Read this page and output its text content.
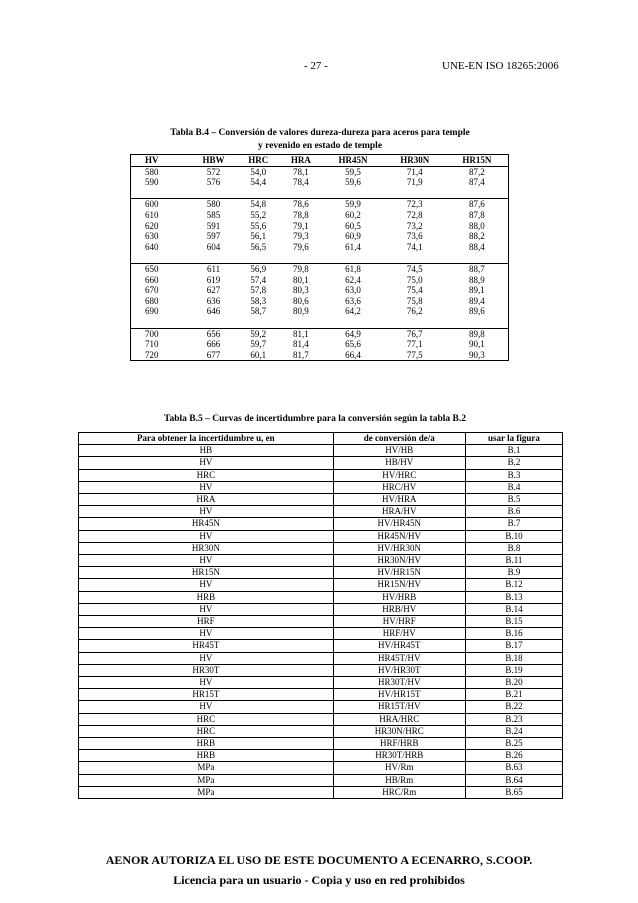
- 27 -	UNE-EN ISO 18265:2006
Tabla B.4 – Conversión de valores dureza-dureza para aceros para temple
y revenido en estado de temple
HV	HBW	HRC	HRA	HR45N	HR30N	HR15N
580	572	54,0	78,1	59,5	71,4	87,2
590	576	54,4	78,4	59,6	71,9	87,4

600	580	54,8	78,6	59,9	72,3	87,6
610	585	55,2	78,8	60,2	72,8	87,8
620	591	55,6	79,1	60,5	73,2	88,0
630	597	56,1	79,3	60,9	73,6	88,2
640	604	56,5	79,6	61,4	74,1	88,4

650	611	56,9	79,8	61,8	74,5	88,7
660	619	57,4	80,1	62,4	75,0	88,9
670	627	57,8	80,3	63,0	75,4	89,1
680	636	58,3	80,6	63,6	75,8	89,4
690	646	58,7	80,9	64,2	76,2	89,6

700	656	59,2	81,1	64,9	76,7	89,8
710	666	59,7	81,4	65,6	77,1	90,1
720	677	60,1	81,7	66,4	77,5	90,3
Tabla B.5 – Curvas de incertidumbre para la conversión según la tabla B.2
Para obtener la incertidumbre u, en	de conversión de/a	usar la figura
HB	HV/HB	B.1
HV	HB/HV	B.2
HRC	HV/HRC	B.3
HV	HRC/HV	B.4
HRA	HV/HRA	B.5
HV	HRA/HV	B.6
HR45N	HV/HR45N	B.7
HV	HR45N/HV	B.10
HR30N	HV/HR30N	B.8
HV	HR30N/HV	B.11
HR15N	HV/HR15N	B.9
HV	HR15N/HV	B.12
HRB	HV/HRB	B.13
HV	HRB/HV	B.14
HRF	HV/HRF	B.15
HV	HRF/HV	B.16
HR45T	HV/HR45T	B.17
HV	HR45T/HV	B.18
HR30T	HV/HR30T	B.19
HV	HR30T/HV	B.20
HR15T	HV/HR15T	B.21
HV	HR15T/HV	B.22
HRC	HRA/HRC	B.23
HRC	HR30N/HRC	B.24
HRB	HRF/HRB	B.25
HRB	HR30T/HRB	B.26
MPa	HV/Rm	B.63
MPa	HB/Rm	B.64
MPa	HRC/Rm	B.65
AENOR AUTORIZA EL USO DE ESTE DOCUMENTO A ECENARRO, S.COOP.
Licencia para un usuario - Copia y uso en red prohibidos
